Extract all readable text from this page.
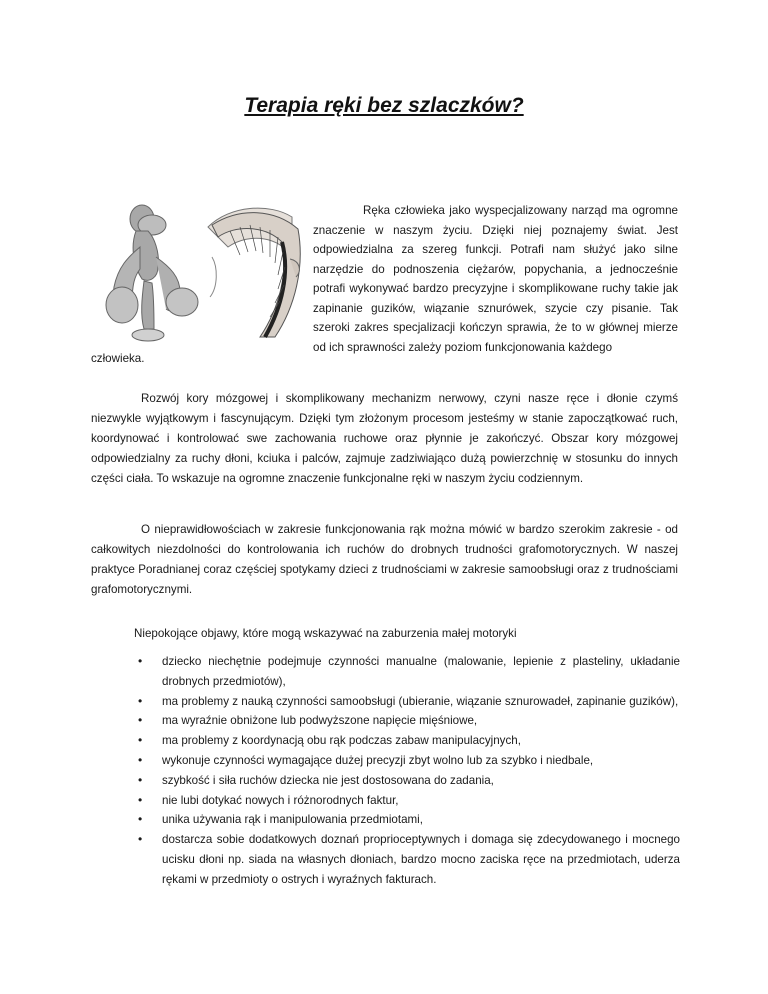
Terapia ręki bez szlaczków?

Ręka człowieka jako wyspecjalizowany narząd ma ogromne znaczenie w naszym życiu. Dzięki niej poznajemy świat. Jest odpowiedzialna za szereg funkcji. Potrafi nam służyć jako silne narzędzie do podnoszenia ciężarów, popychania, a jednocześnie potrafi wykonywać bardzo precyzyjne i skomplikowane ruchy takie jak zapinanie guzików, wiązanie sznurówek, szycie czy pisanie. Tak szeroki zakres specjalizacji kończyn sprawia, że to w głównej mierze od ich sprawności zależy poziom funkcjonowania każdego

człowieka.

Rozwój kory mózgowej i skomplikowany mechanizm nerwowy, czyni nasze ręce i dłonie czymś niezwykle wyjątkowym i fascynującym. Dzięki tym złożonym procesom jesteśmy w stanie zapoczątkować ruch, koordynować i kontrolować swe zachowania ruchowe oraz płynnie je zakończyć. Obszar kory mózgowej odpowiedzialny za ruchy dłoni, kciuka i palców, zajmuje zadziwiająco dużą powierzchnię w stosunku do innych części ciała. To wskazuje na ogromne znaczenie funkcjonalne ręki w naszym życiu codziennym.

O nieprawidłowościach w zakresie funkcjonowania rąk można mówić w bardzo szerokim zakresie - od całkowitych niezdolności do kontrolowania ich ruchów do drobnych trudności grafomotorycznych. W naszej praktyce Poradnianej coraz częściej spotykamy dzieci z trudnościami w zakresie samoobsługi oraz z trudnościami grafomotorycznymi.

Niepokojące objawy, które mogą wskazywać na zaburzenia małej motoryki

• dziecko niechętnie podejmuje czynności manualne (malowanie, lepienie z plasteliny, układanie drobnych przedmiotów),
• ma problemy z nauką czynności samoobsługi (ubieranie, wiązanie sznurowadeł, zapinanie guzików),
• ma wyraźnie obniżone lub podwyższone napięcie mięśniowe,
• ma problemy z koordynacją obu rąk podczas zabaw manipulacyjnych,
• wykonuje czynności wymagające dużej precyzji zbyt wolno lub za szybko i niedbale,
• szybkość i siła ruchów dziecka nie jest dostosowana do zadania,
• nie lubi dotykać nowych i różnorodnych faktur,
• unika używania rąk i manipulowania przedmiotami,
• dostarcza sobie dodatkowych doznań proprioceptywnych i domaga się zdecydowanego i mocnego ucisku dłoni np. siada na własnych dłoniach, bardzo mocno zaciska ręce na przedmiotach, uderza rękami w przedmioty o ostrych i wyraźnych fakturach.
